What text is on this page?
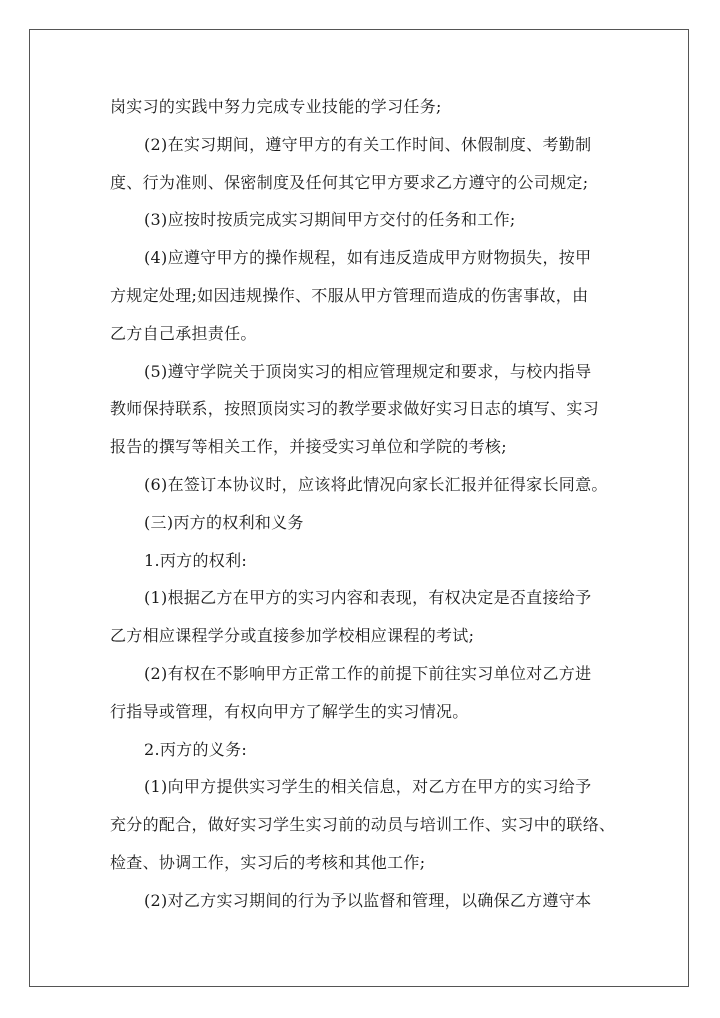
岗实习的实践中努力完成专业技能的学习任务;
(2)在实习期间，遵守甲方的有关工作时间、休假制度、考勤制
度、行为准则、保密制度及任何其它甲方要求乙方遵守的公司规定;
(3)应按时按质完成实习期间甲方交付的任务和工作;
(4)应遵守甲方的操作规程，如有违反造成甲方财物损失，按甲
方规定处理;如因违规操作、不服从甲方管理而造成的伤害事故，由
乙方自己承担责任。
(5)遵守学院关于顶岗实习的相应管理规定和要求，与校内指导
教师保持联系，按照顶岗实习的教学要求做好实习日志的填写、实习
报告的撰写等相关工作，并接受实习单位和学院的考核;
(6)在签订本协议时，应该将此情况向家长汇报并征得家长同意。
(三)丙方的权利和义务
1.丙方的权利:
(1)根据乙方在甲方的实习内容和表现，有权决定是否直接给予
乙方相应课程学分或直接参加学校相应课程的考试;
(2)有权在不影响甲方正常工作的前提下前往实习单位对乙方进
行指导或管理，有权向甲方了解学生的实习情况。
2.丙方的义务:
(1)向甲方提供实习学生的相关信息，对乙方在甲方的实习给予
充分的配合，做好实习学生实习前的动员与培训工作、实习中的联络、
检查、协调工作，实习后的考核和其他工作;
(2)对乙方实习期间的行为予以监督和管理，以确保乙方遵守本
